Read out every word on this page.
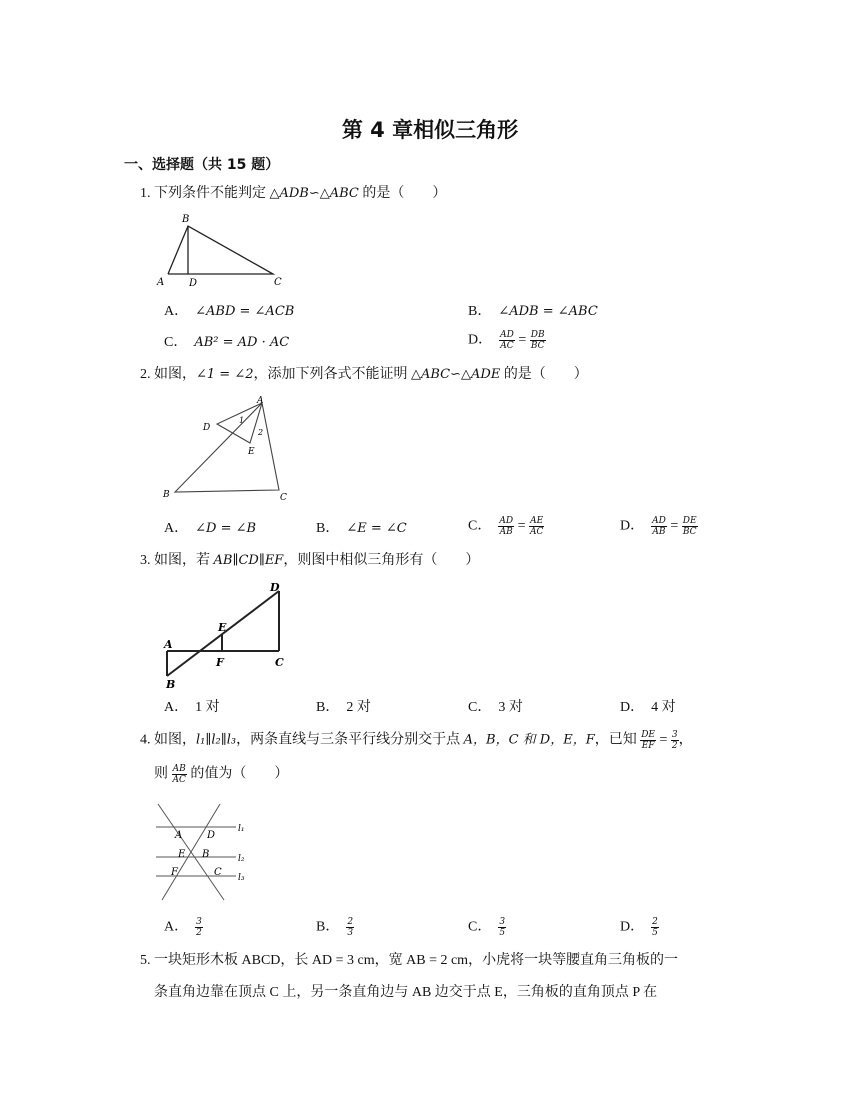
第 4 章相似三角形
一、选择题（共 15 题）
1. 下列条件不能判定 △ADB∽△ABC 的是（　　）
B
A D	C
A．　 ∠ABD = ∠ACB	B．　 ∠ADB = ∠ABC
C．　 AB² = AD · AC	D．　 $\frac{AD}{AC} = \frac{DB}{BC}$
2. 如图，∠1 = ∠2，添加下列各式不能证明 △ABC∽△ADE 的是（　　）
A
D
E
B	C
1
2
A．　 ∠D = ∠B	B．　 ∠E = ∠C	C．　 $\frac{AD}{AB} = \frac{AE}{AC}$	D．　 $\frac{AD}{AB} = \frac{DE}{BC}$
3. 如图，若 AB∥CD∥EF，则图中相似三角形有（　　）
A
B
C
D
E
F
A．　 1 对	B．　 2 对	C．　 3 对	D．　 4 对
4. 如图，l₁∥l₂∥l₃，两条直线与三条平行线分别交于点 A，B，C 和 D，E，F，已知 $\frac{DE}{EF} = \frac{3}{2}$ ，
则 $\frac{AB}{AC}$ 的值为（　　）
A D
E B
F	C
l₁
l₂
l₃
A．　 $\frac{3}{2}$	B．　 $\frac{2}{3}$	C．　 $\frac{3}{5}$	D．　 $\frac{2}{5}$
5. 一块矩形木板 ABCD，长 AD = 3 cm，宽 AB = 2 cm，小虎将一块等腰直角三角板的一
条直角边靠在顶点 C 上，另一条直角边与 AB 边交于点 E，三角板的直角顶点 P 在
